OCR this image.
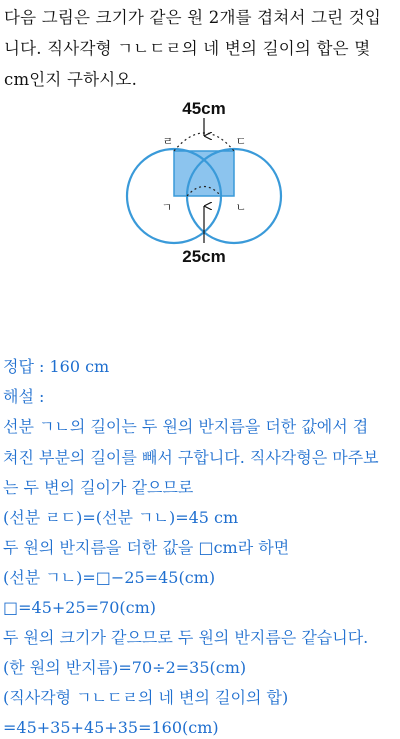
다음 그림은 크기가 같은 원 2개를 겹쳐서 그린 것입
니다. 직사각형 ㄱㄴㄷㄹ의 네 변의 길이의 합은 몇
cm인지 구하시오.
45cm
25cm
ㄹ	ㄷ
ㄱ	ㄴ
정답 : 160 cm
해설 :
선분 ㄱㄴ의 길이는 두 원의 반지름을 더한 값에서 겹
쳐진 부분의 길이를 빼서 구합니다. 직사각형은 마주보
는 두 변의 길이가 같으므로
(선분 ㄹㄷ)=(선분 ㄱㄴ)=45 cm
두 원의 반지름을 더한 값을 □cm라 하면
(선분 ㄱㄴ)=□−25=45(cm)
□=45+25=70(cm)
두 원의 크기가 같으므로 두 원의 반지름은 같습니다.
(한 원의 반지름)=70÷2=35(cm)
(직사각형 ㄱㄴㄷㄹ의 네 변의 길이의 합)
=45+35+45+35=160(cm)
